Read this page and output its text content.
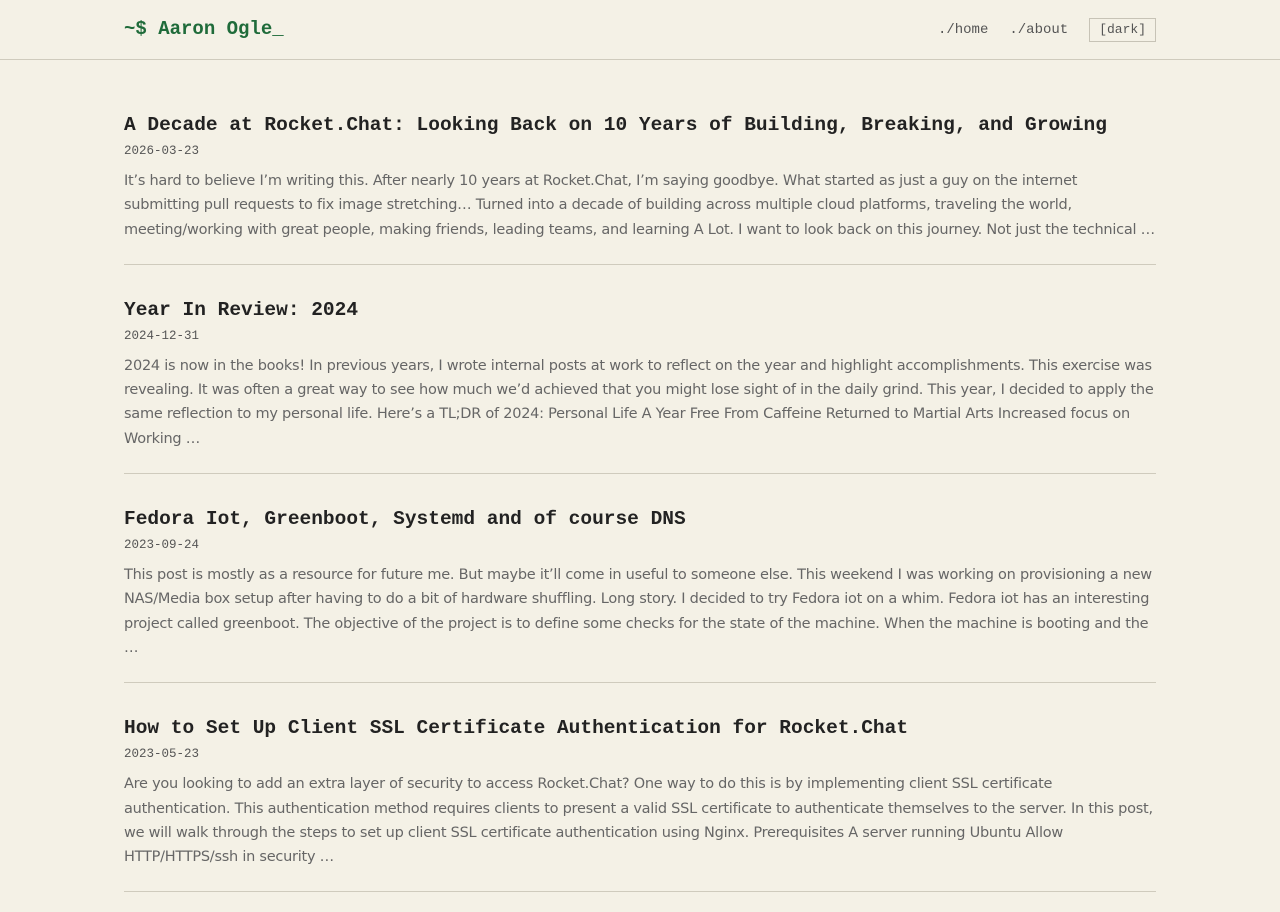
~$ Aaron Ogle_	./home ./about	[dark]
A Decade at Rocket.Chat: Looking Back on 10 Years of Building, Breaking, and Growing
2026-03-23
It’s hard to believe I’m writing this. After nearly 10 years at Rocket.Chat, I’m saying goodbye. What started as just a guy on the internet submitting pull requests to fix image stretching… Turned into a decade of building across multiple cloud platforms, traveling the world, meeting/working with great people, making friends, leading teams, and learning A Lot. I want to look back on this journey. Not just the technical …
Year In Review: 2024
2024-12-31
2024 is now in the books! In previous years, I wrote internal posts at work to reflect on the year and highlight accomplishments. This exercise was revealing. It was often a great way to see how much we’d achieved that you might lose sight of in the daily grind. This year, I decided to apply the same reflection to my personal life. Here’s a TL;DR of 2024: Personal Life A Year Free From Caffeine Returned to Martial Arts Increased focus on Working …
Fedora Iot, Greenboot, Systemd and of course DNS
2023-09-24
This post is mostly as a resource for future me. But maybe it’ll come in useful to someone else. This weekend I was working on provisioning a new NAS/Media box setup after having to do a bit of hardware shuffling. Long story. I decided to try Fedora iot on a whim. Fedora iot has an interesting project called greenboot. The objective of the project is to define some checks for the state of the machine. When the machine is booting and the …
How to Set Up Client SSL Certificate Authentication for Rocket.Chat
2023-05-23
Are you looking to add an extra layer of security to access Rocket.Chat? One way to do this is by implementing client SSL certificate authentication. This authentication method requires clients to present a valid SSL certificate to authenticate themselves to the server. In this post, we will walk through the steps to set up client SSL certificate authentication using Nginx. Prerequisites A server running Ubuntu Allow HTTP/HTTPS/ssh in security …
